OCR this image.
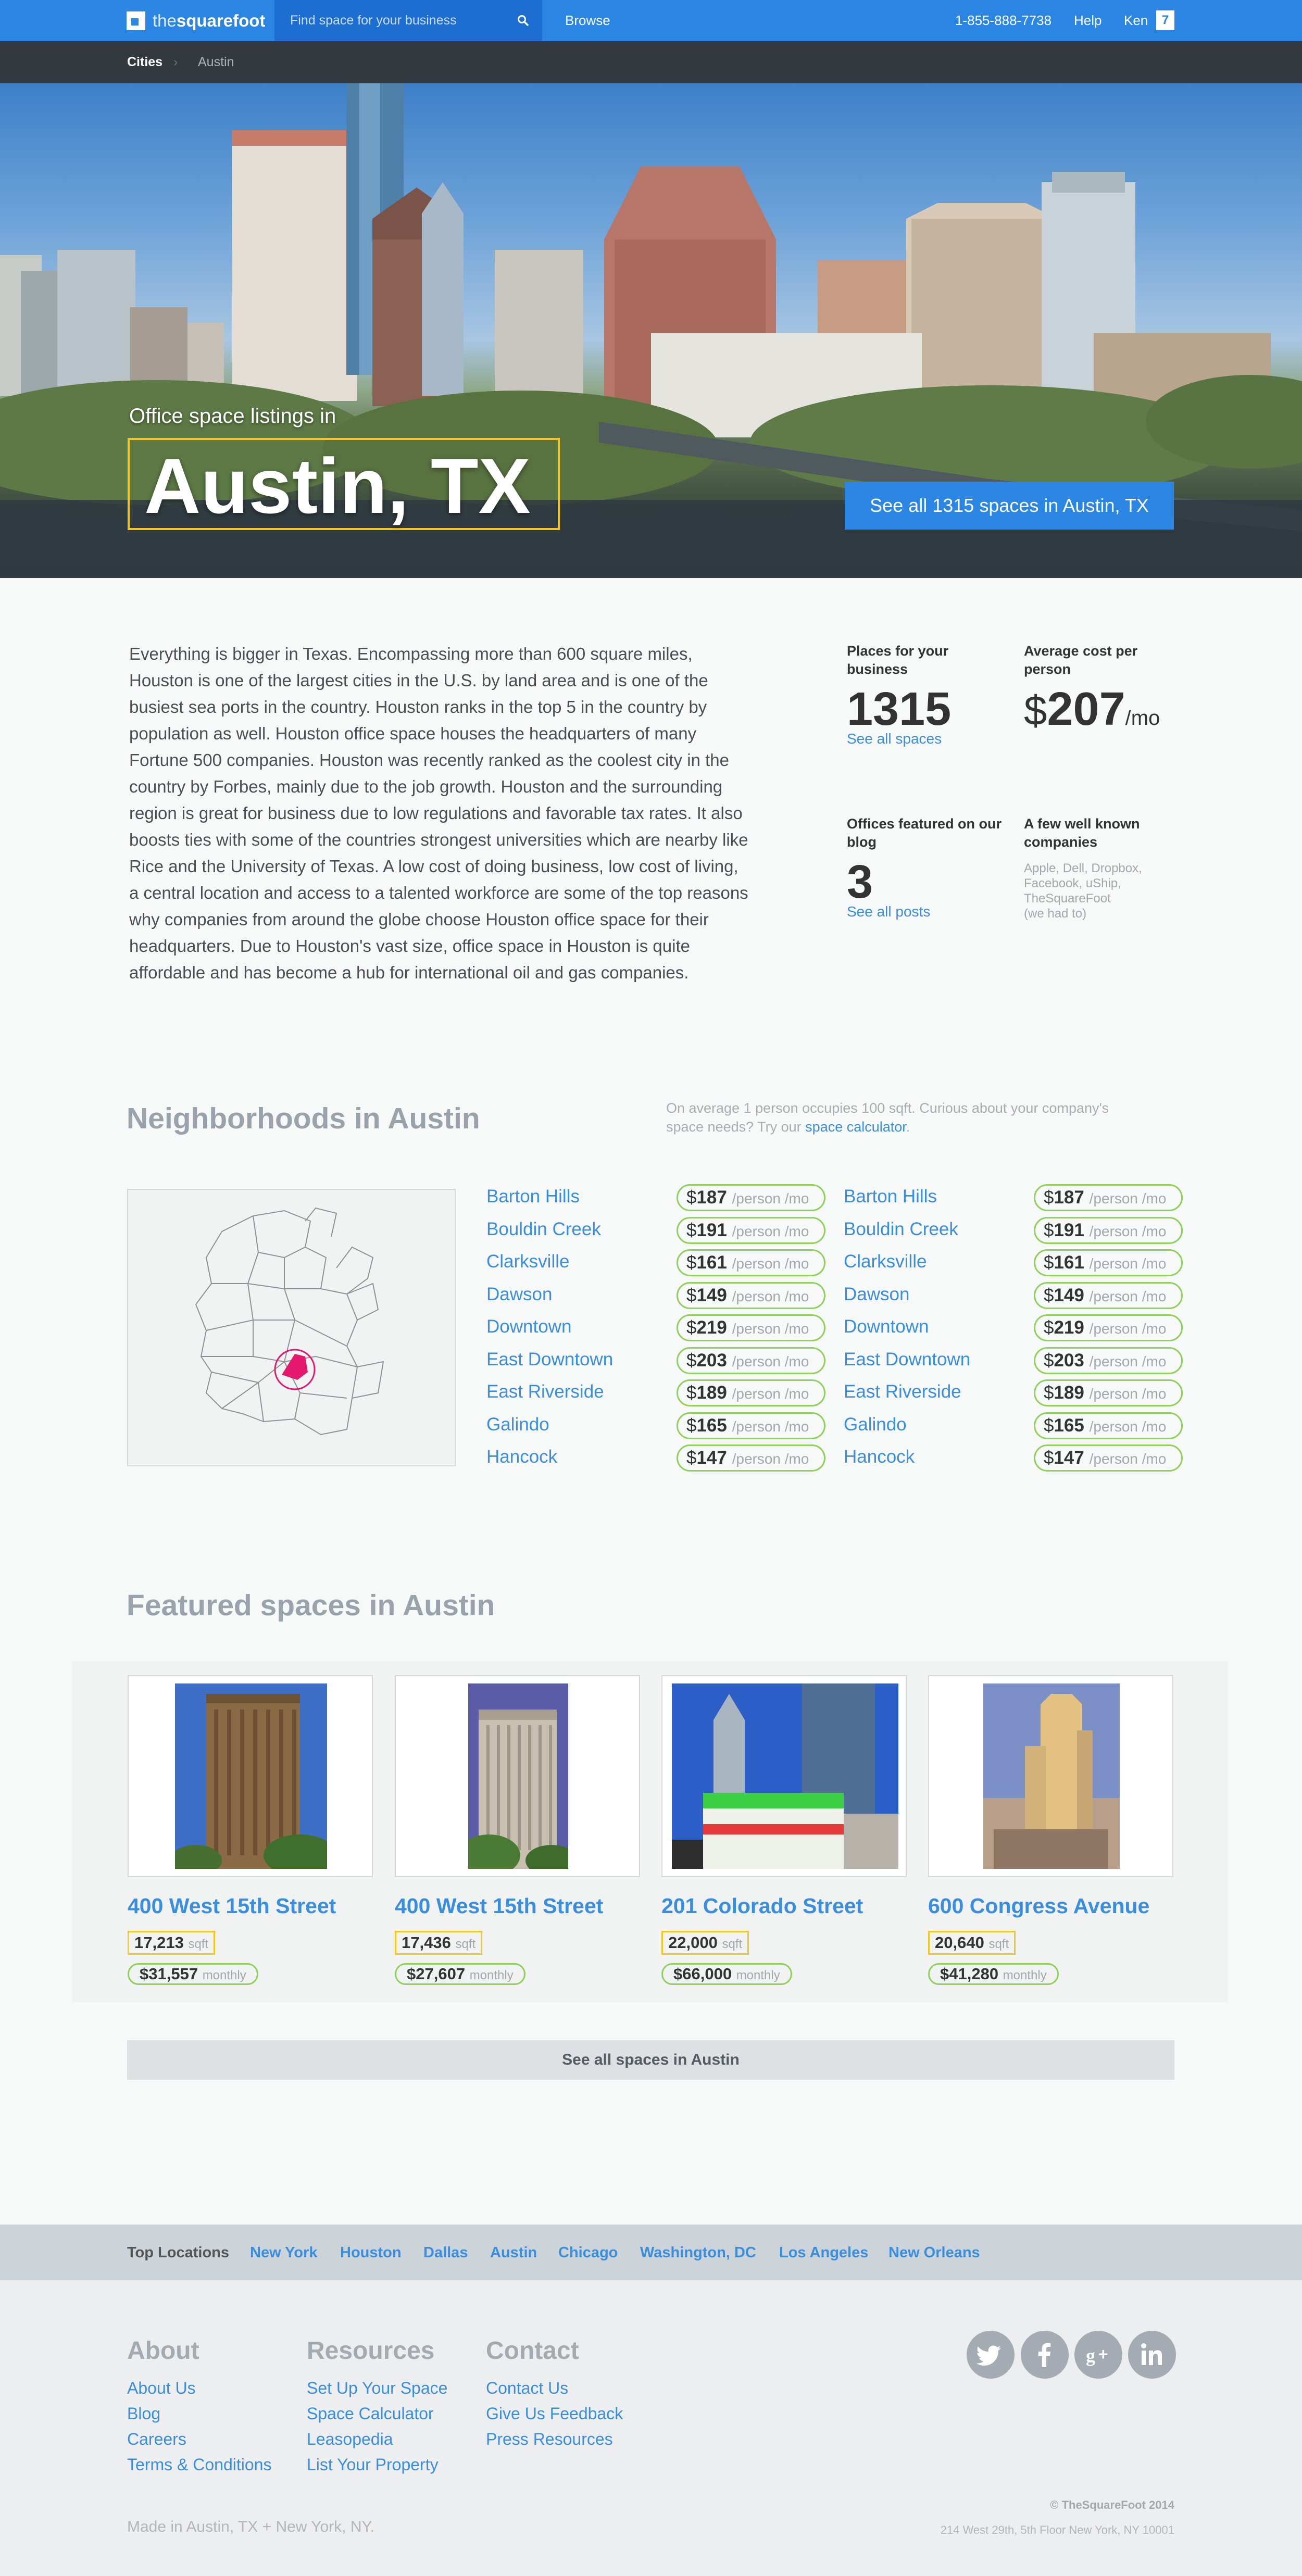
the squarefoot
Find space for your business	Browse	1-855-888-7738 Help Ken	7
Cities › Austin
Office space listings in
Austin, TX	See all 1315 spaces in Austin, TX

Everything is bigger in Texas. Encompassing more than 600 square miles, Houston is one of the largest cities in the U.S. by land area and is one of the busiest sea ports in the country. Houston ranks in the top 5 in the country by population as well. Houston office space houses the headquarters of many Fortune 500 companies. Houston was recently ranked as the coolest city in the country by Forbes, mainly due to the job growth. Houston and the surrounding region is great for business due to low regulations and favorable tax rates. It also boosts ties with some of the countries strongest universities which are nearby like Rice and the University of Texas. A low cost of doing business, low cost of living, a central location and access to a talented workforce are some of the top reasons why companies from around the globe choose Houston office space for their headquarters. Due to Houston's vast size, office space in Houston is quite affordable and has become a hub for international oil and gas companies.

Places for your business
1315
See all spaces
Average cost per person
$207/mo
Offices featured on our blog
3
See all posts
A few well known companies
Apple, Dell, Dropbox, Facebook, uShip, TheSquareFoot
(we had to)
Neighborhoods in Austin	On average 1 person occupies 100 sqft. Curious about your company's space needs? Try our space calculator.
Barton Hills	$187 /person /mo
Bouldin Creek	$191 /person /mo
Clarksville	$161 /person /mo
Dawson	$149 /person /mo
Downtown	$219 /person /mo
East Downtown	$203 /person /mo
East Riverside	$189 /person /mo
Galindo	$165 /person /mo
Hancock	$147 /person /mo
Barton Hills	$187 /person /mo
Bouldin Creek	$191 /person /mo
Clarksville	$161 /person /mo
Dawson	$149 /person /mo
Downtown	$219 /person /mo
East Downtown	$203 /person /mo
East Riverside	$189 /person /mo
Galindo	$165 /person /mo
Hancock	$147 /person /mo
Featured spaces in Austin
400 West 15th Street
17,213 sqft
$31,557 monthly
400 West 15th Street
17,436 sqft
$27,607 monthly
201 Colorado Street
22,000 sqft
$66,000 monthly
600 Congress Avenue
20,640 sqft
$41,280 monthly
See all spaces in Austin
Top Locations New York Houston Dallas Austin Chicago Washington, DC Los Angeles New Orleans
About	Resources Contact
About Us
Blog
Careers
Terms & Conditions
Set Up Your Space
Space Calculator
Leasopedia
List Your Property
Contact Us
Give Us Feedback
Press Resources
g +
© TheSquareFoot 2014
214 West 29th, 5th Floor New York, NY 10001
Made in Austin, TX + New York, NY.
